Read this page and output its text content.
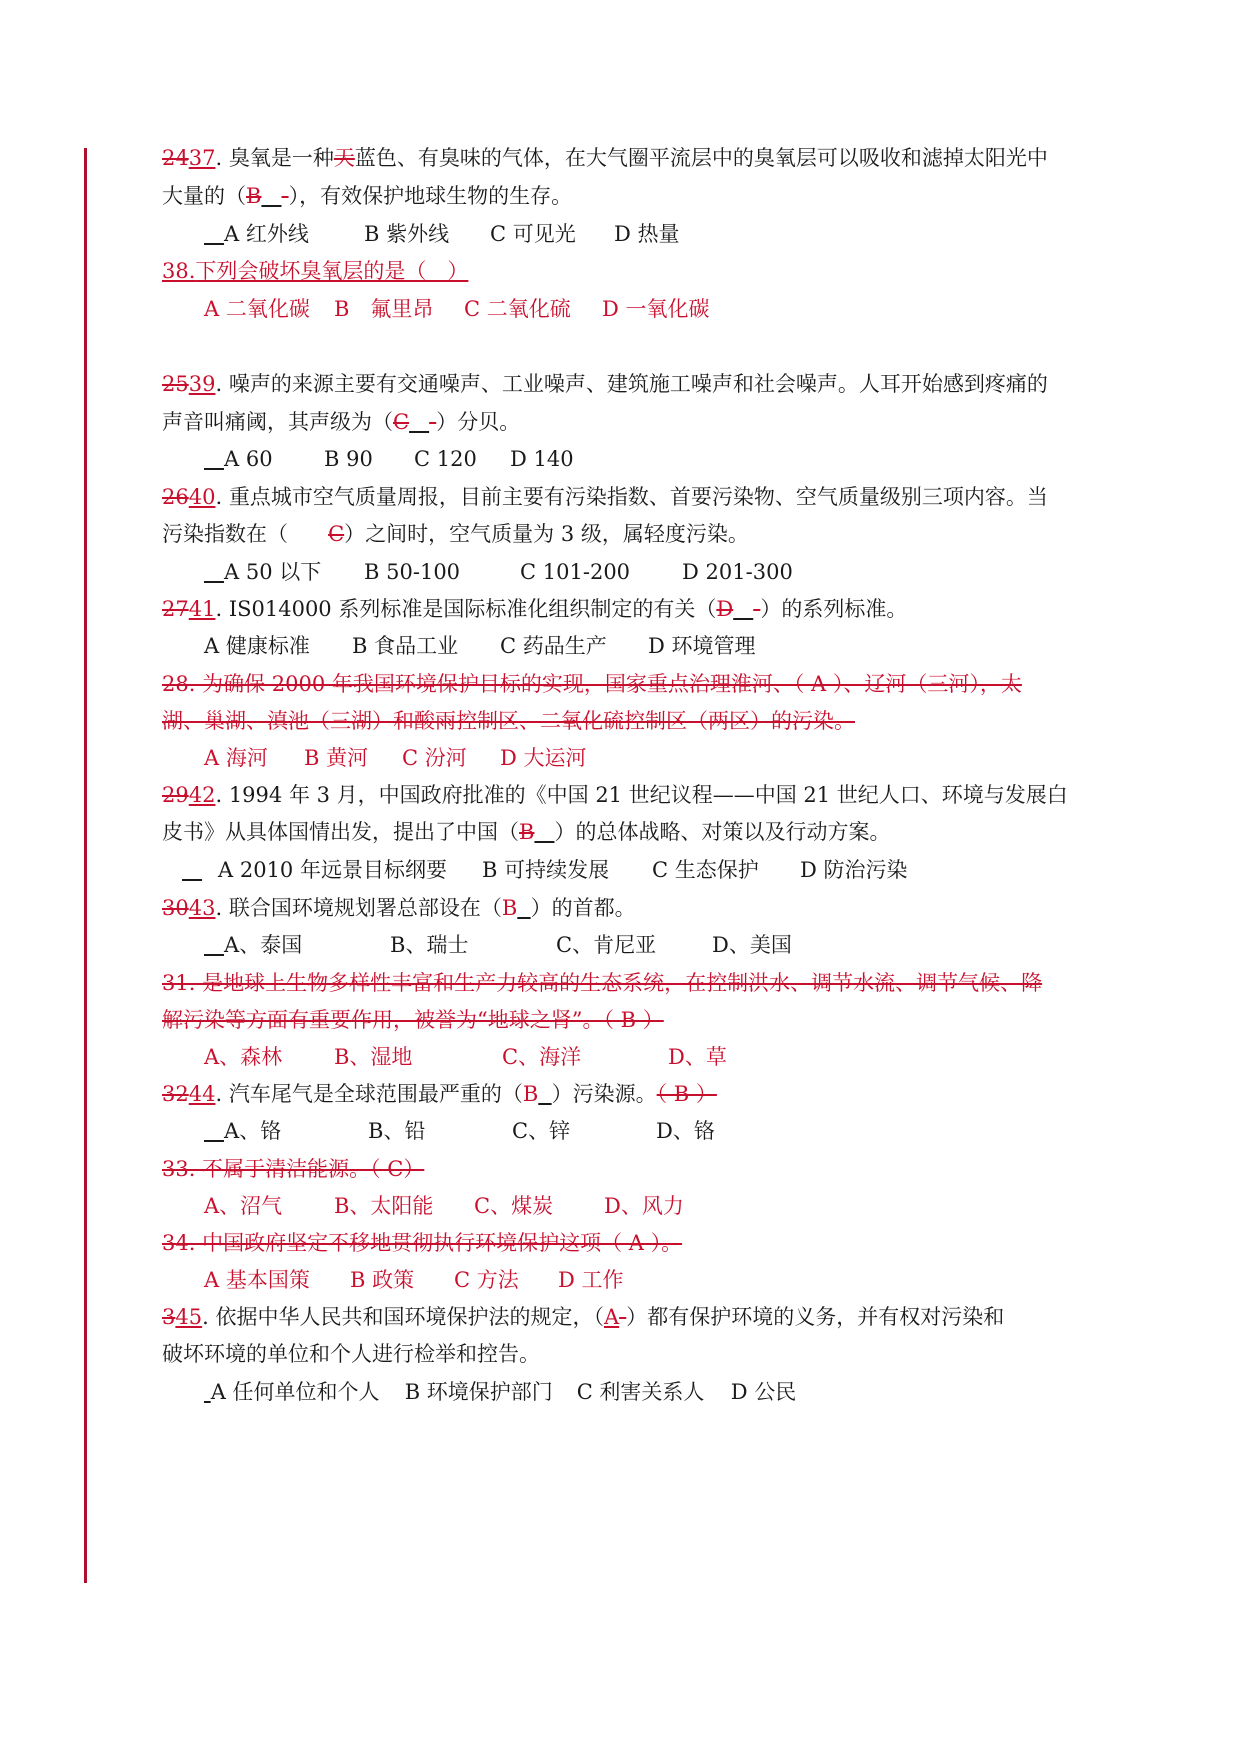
2437. 臭氧是一种天蓝色、有臭味的气体，在大气圈平流层中的臭氧层可以吸收和滤掉太阳光中
大量的（B -），有效保护地球生物的生存。
A 红外线	B 紫外线 C 可见光 D 热量
38.下列会破坏臭氧层的是（　）
A 二氧化碳 B　氟里昂 C 二氧化硫 D 一氧化碳
2539. 噪声的来源主要有交通噪声、工业噪声、建筑施工噪声和社会噪声。人耳开始感到疼痛的
声音叫痛阈，其声级为（C -）分贝。
A 60 B 90 C 120 D 140
2640. 重点城市空气质量周报，目前主要有污染指数、首要污染物、空气质量级别三项内容。当
污染指数在（ C）之间时，空气质量为 3 级，属轻度污染。
A 50 以下 B 50-100	C 101-200 D 201-300
2741. IS014000 系列标准是国际标准化组织制定的有关（D -）的系列标准。
A 健康标准 B 食品工业 C 药品生产 D 环境管理
28. 为确保 2000 年我国环境保护目标的实现，国家重点治理淮河、（ A ）、辽河（三河），太
湖、巢湖、滇池（三湖）和酸雨控制区、二氧化硫控制区（两区）的污染。
A 海河 B 黄河 C 汾河 D 大运河
2942. 1994 年 3 月，中国政府批准的《中国 21 世纪议程——中国 21 世纪人口、环境与发展白
皮书》从具体国情出发，提出了中国（B ）的总体战略、对策以及行动方案。
A 2010 年远景目标纲要 B 可持续发展 C 生态保护 D 防治污染
3043. 联合国环境规划署总部设在（B ）的首都。
A、泰国	B、瑞士	C、肯尼亚	D、美国
31. 是地球上生物多样性丰富和生产力较高的生态系统，在控制洪水、调节水流、调节气候、降
解污染等方面有重要作用，被誉为“地球之肾”。（ B ）
A、森林 B、湿地	C、海洋	D、草
3244. 汽车尾气是全球范围最严重的（B ）污染源。（ B ）
A、铬	B、铅	C、锌	D、铬
33. 不属于清洁能源。（ C）
A、沼气 B、太阳能 C、煤炭 D、风力
34. 中国政府坚定不移地贯彻执行环境保护这项（ A ）。
A 基本国策 B 政策 C 方法 D 工作
345. 依据中华人民共和国环境保护法的规定，（A-）都有保护环境的义务，并有权对污染和
破坏环境的单位和个人进行检举和控告。
A 任何单位和个人 B 环境保护部门 C 利害关系人 D 公民
